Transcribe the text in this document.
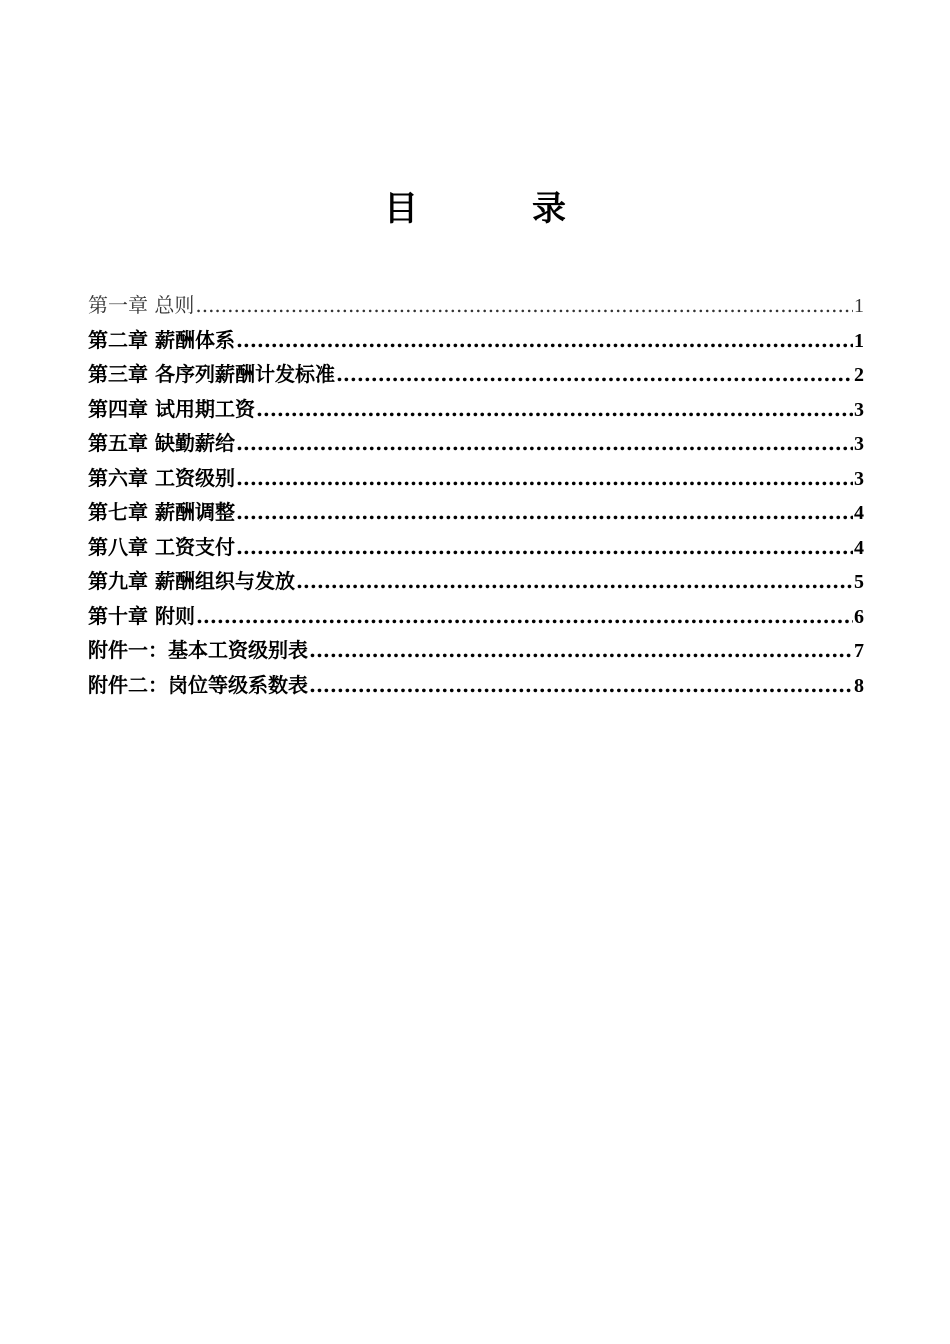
目　录
第一章 总则 .....	1
第二章 薪酬体系 .....	1
第三章 各序列薪酬计发标准 .....	2
第四章 试用期工资 .....	3
第五章 缺勤薪给 .....	3
第六章 工资级别 .....	3
第七章 薪酬调整 .....	4
第八章 工资支付 .....	4
第九章 薪酬组织与发放 .....	5
第十章 附则 .....	6
附件一：基本工资级别表 .....	7
附件二：岗位等级系数表 .....	8
